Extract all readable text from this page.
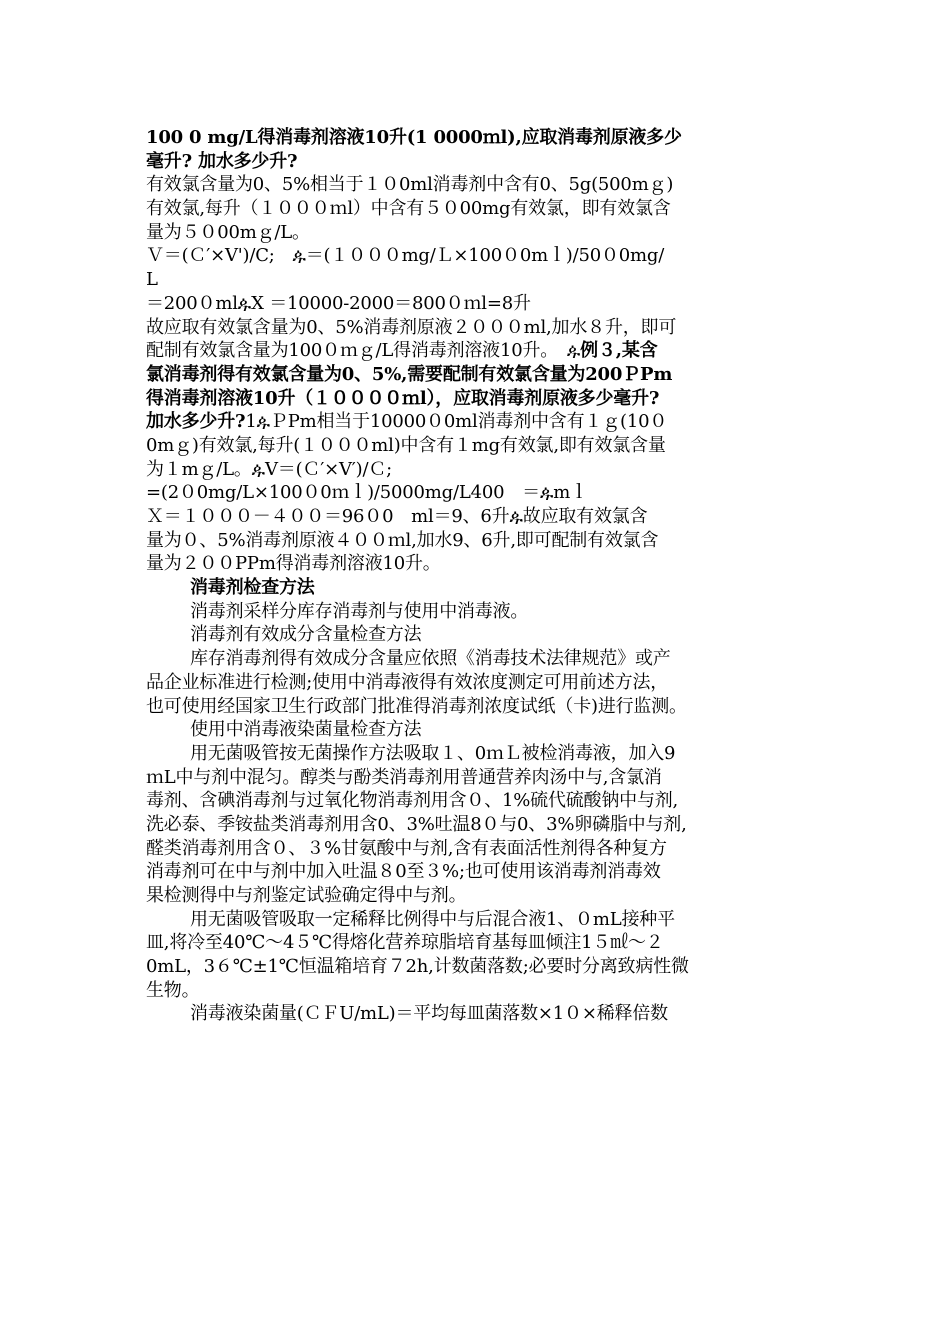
100 0 mg/L得消毒剂溶液10升(1 0000ｍl),应取消毒剂原液多少
毫升? 加水多少升?
有效氯含量为0、5%相当于１０0ml消毒剂中含有0、5g(500mｇ)
有效氯,每升（１０００ｍl）中含有５０00mg有效氯，即有效氯含
量为５０00mｇ/L。
Ｖ＝(Ｃ′×V')/C;　ዹ＝(１０００mg/Ｌ×100０0mｌ)/50０0mg/
L
＝200０mlዹX ＝10000-2000＝800０ｍl=8升
故应取有效氯含量为0、5%消毒剂原液２０００ml,加水８升，即可
配制有效氯含量为100０ｍｇ/L得消毒剂溶液10升。　ዹ例３,某含
氯消毒剂得有效氯含量为0、5%,需要配制有效氯含量为200ＰPm
得消毒剂溶液10升（１００００ｍl），应取消毒剂原液多少毫升?
加水多少升?1ዹＰPm相当于10000０0ml消毒剂中含有１ｇ(10０
0mｇ)有效氯,每升(１０００ml)中含有１mg有效氯,即有效氯含量
为１mｇ/L。ዹV＝(Ｃ′×V′)/Ｃ;
=(2０0mg/L×100０0ｍｌ)/5000mg/L400　＝ዹmｌ
Ｘ＝１０００－４００＝96０0　ml＝9、6升ዹ故应取有效氯含
量为０、5%消毒剂原液４００ｍl,加水9、6升,即可配制有效氯含
量为２００PPm得消毒剂溶液10升。
消毒剂检查方法
消毒剂采样分库存消毒剂与使用中消毒液。
消毒剂有效成分含量检查方法
库存消毒剂得有效成分含量应依照《消毒技术法律规范》或产
品企业标准进行检测;使用中消毒液得有效浓度测定可用前述方法，
也可使用经国家卫生行政部门批准得消毒剂浓度试纸（卡)进行监测。
使用中消毒液染菌量检查方法
用无菌吸管按无菌操作方法吸取１、0ｍＬ被检消毒液，加入9
ｍL中与剂中混匀。醇类与酚类消毒剂用普通营养肉汤中与,含氯消
毒剂、含碘消毒剂与过氧化物消毒剂用含０、1%硫代硫酸钠中与剂,
洗必泰、季铵盐类消毒剂用含0、3%吐温8０与0、3%卵磷脂中与剂,
醛类消毒剂用含０、３%甘氨酸中与剂,含有表面活性剂得各种复方
消毒剂可在中与剂中加入吐温８0至３%;也可使用该消毒剂消毒效
果检测得中与剂鉴定试验确定得中与剂。
用无菌吸管吸取一定稀释比例得中与后混合液1、０mL接种平
皿,将冷至40℃～4５℃得熔化营养琼脂培育基每皿倾注1５㎖～２
0mL，3６℃±1℃恒温箱培育７2h,计数菌落数;必要时分离致病性微
生物。
消毒液染菌量(ＣＦU/mL)＝平均每皿菌落数×1０×稀释倍数
